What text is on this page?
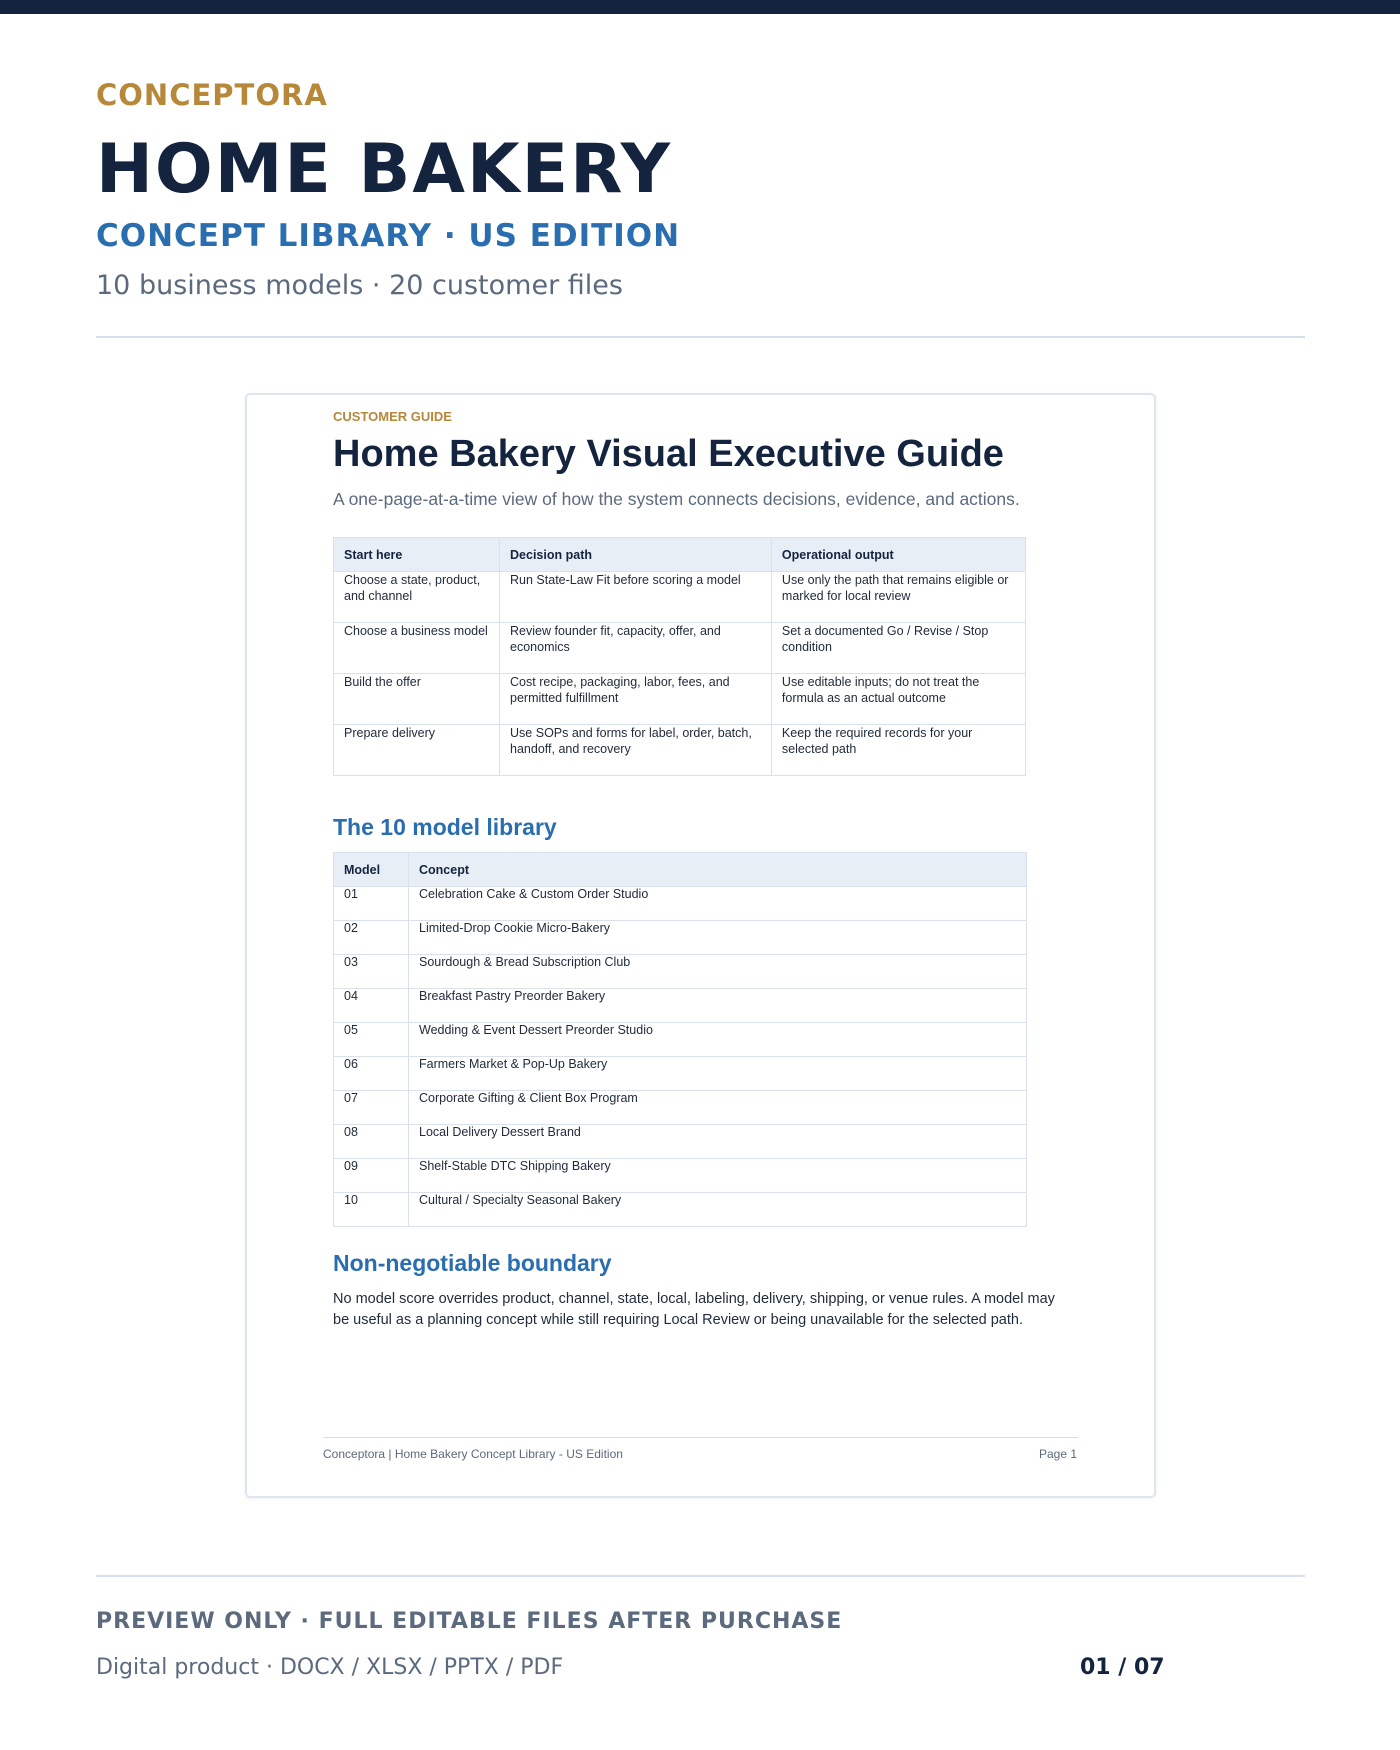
CONCEPTORA
HOME BAKERY
CONCEPT LIBRARY · US EDITION
10 business models · 20 customer files
CUSTOMER GUIDE
Home Bakery Visual Executive Guide
A one-page-at-a-time view of how the system connects decisions, evidence, and actions.
Start here	Decision path	Operational output
Choose a state, product, and channel	Run State-Law Fit before scoring a model	Use only the path that remains eligible or marked for local review
Choose a business model	Review founder fit, capacity, offer, and economics	Set a documented Go / Revise / Stop condition
Build the offer	Cost recipe, packaging, labor, fees, and permitted fulfillment	Use editable inputs; do not treat the formula as an actual outcome
Prepare delivery	Use SOPs and forms for label, order, batch, handoff, and recovery	Keep the required records for your selected path
The 10 model library
Model	Concept
01	Celebration Cake & Custom Order Studio
02	Limited-Drop Cookie Micro-Bakery
03	Sourdough & Bread Subscription Club
04	Breakfast Pastry Preorder Bakery
05	Wedding & Event Dessert Preorder Studio
06	Farmers Market & Pop-Up Bakery
07	Corporate Gifting & Client Box Program
08	Local Delivery Dessert Brand
09	Shelf-Stable DTC Shipping Bakery
10	Cultural / Specialty Seasonal Bakery
Non-negotiable boundary
No model score overrides product, channel, state, local, labeling, delivery, shipping, or venue rules. A model may be useful as a planning concept while still requiring Local Review or being unavailable for the selected path.
Conceptora | Home Bakery Concept Library - US Edition	Page 1
PREVIEW ONLY · FULL EDITABLE FILES AFTER PURCHASE
Digital product · DOCX / XLSX / PPTX / PDF	01 / 07
